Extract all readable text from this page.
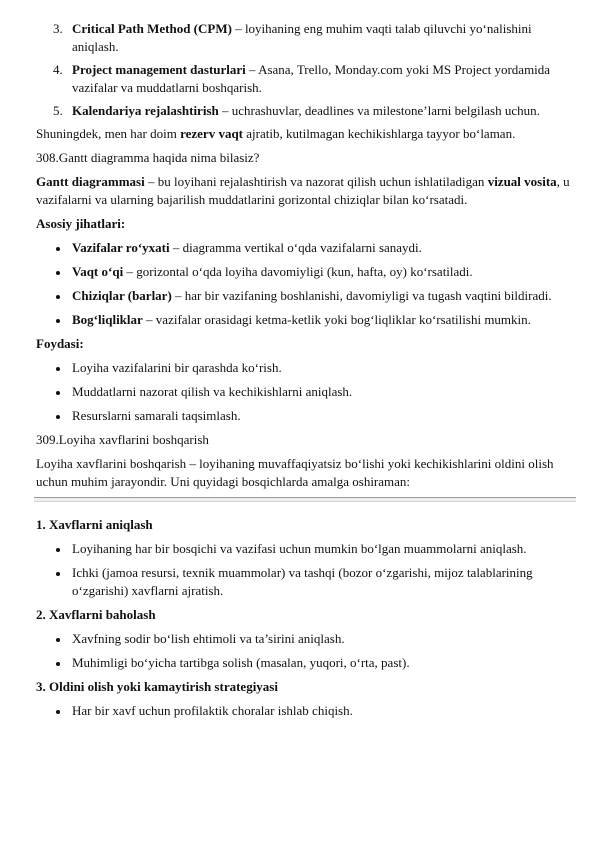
3. Critical Path Method (CPM) – loyihaning eng muhim vaqti talab qiluvchi yo‘nalishini aniqlash.
4. Project management dasturlari – Asana, Trello, Monday.com yoki MS Project yordamida vazifalar va muddatlarni boshqarish.
5. Kalendariya rejalashtirish – uchrashuvlar, deadlines va milestone’larni belgilash uchun.

Shuningdek, men har doim rezerv vaqt ajratib, kutilmagan kechikishlarga tayyor bo‘laman.

308.Gantt diagramma haqida nima bilasiz?

Gantt diagrammasi – bu loyihani rejalashtirish va nazorat qilish uchun ishlatiladigan vizual vosita, u vazifalarni va ularning bajarilish muddatlarini gorizontal chiziqlar bilan ko‘rsatadi.

Asosiy jihatlari:

Vazifalar ro‘yxati – diagramma vertikal o‘qda vazifalarni sanaydi.
Vaqt o‘qi – gorizontal o‘qda loyiha davomiyligi (kun, hafta, oy) ko‘rsatiladi.
Chiziqlar (barlar) – har bir vazifaning boshlanishi, davomiyligi va tugash vaqtini bildiradi.
Bog‘liqliklar – vazifalar orasidagi ketma-ketlik yoki bog‘liqliklar ko‘rsatilishi mumkin.

Foydasi:

Loyiha vazifalarini bir qarashda ko‘rish.
Muddatlarni nazorat qilish va kechikishlarni aniqlash.
Resurslarni samarali taqsimlash.

309.Loyiha xavflarini boshqarish

Loyiha xavflarini boshqarish – loyihaning muvaffaqiyatsiz bo‘lishi yoki kechikishlarini oldini olish uchun muhim jarayondir. Uni quyidagi bosqichlarda amalga oshiraman:

1. Xavflarni aniqlash

Loyihaning har bir bosqichi va vazifasi uchun mumkin bo‘lgan muammolarni aniqlash.
Ichki (jamoa resursi, texnik muammolar) va tashqi (bozor o‘zgarishi, mijoz talablarining o‘zgarishi) xavflarni ajratish.

2. Xavflarni baholash

Xavfning sodir bo‘lish ehtimoli va ta’sirini aniqlash.
Muhimligi bo‘yicha tartibga solish (masalan, yuqori, o‘rta, past).

3. Oldini olish yoki kamaytirish strategiyasi

Har bir xavf uchun profilaktik choralar ishlab chiqish.
